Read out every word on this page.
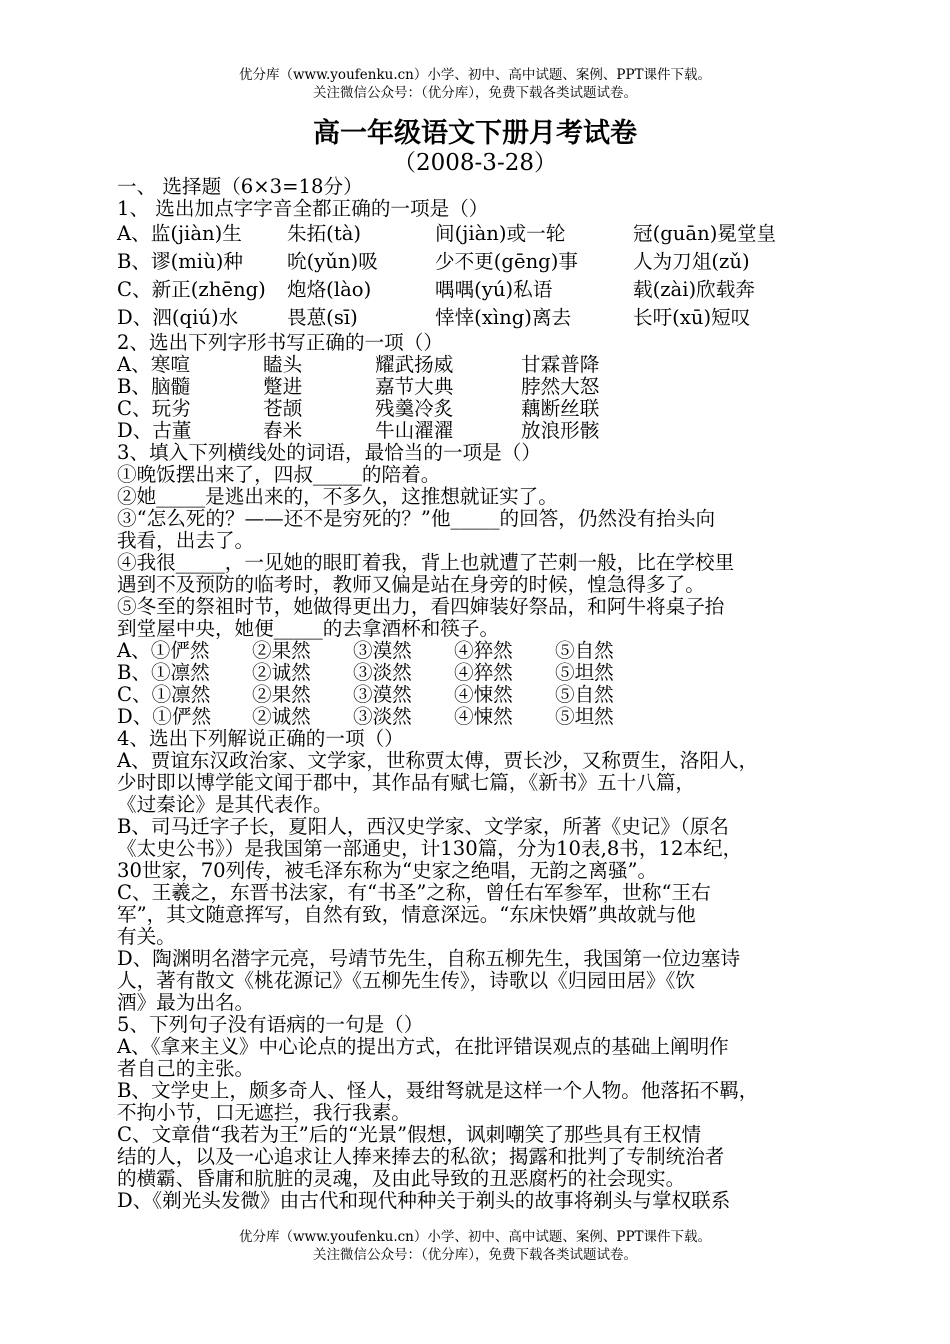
优分库（www.youfenku.cn）小学、初中、高中试题、案例、PPT课件下载。
关注微信公众号：（优分库），免费下载各类试题试卷。
高一年级语文下册月考试卷
（2008-3-28）
一、 选择题（6×3=18分）
1、 选出加点字字音全都正确的一项是（）
A、监(jiàn)生 朱拓(tà)	间(jiàn)或一轮	冠(guān)冕堂皇
B、谬(miù)种 吮(yǔn)吸	少不更(gēng)事	人为刀俎(zǔ)
C、新正(zhēng) 炮烙(lào)	喁喁(yú)私语	载(zài)欣载奔
D、泗(qiú)水 畏葸(sī)	悻悻(xìng)离去	长吁(xū)短叹
2、选出下列字形书写正确的一项（）
A、寒喧	瞌头	耀武扬威	甘霖普降
B、脑髓	蹩进	嘉节大典	脖然大怒
C、玩劣	苍颉	残羹冷炙	藕断丝联
D、古董	舂米	牛山濯濯	放浪形骸
3、填入下列横线处的词语，最恰当的一项是（）
①晚饭摆出来了，四叔_____的陪着。
②她_____是逃出来的，不多久，这推想就证实了。
③“怎么死的？——还不是穷死的？”他_____的回答，仍然没有抬头向
我看，出去了。
④我很_____，一见她的眼盯着我，背上也就遭了芒刺一般，比在学校里
遇到不及预防的临考时，教师又偏是站在身旁的时候，惶急得多了。
⑤冬至的祭祖时节，她做得更出力，看四婶装好祭品，和阿牛将桌子抬
到堂屋中央，她便_____的去拿酒杯和筷子。
A、①俨然 ②果然 ③漠然 ④猝然 ⑤自然
B、①凛然 ②诚然 ③淡然 ④猝然 ⑤坦然
C、①凛然 ②果然 ③漠然 ④悚然 ⑤自然
D、①俨然 ②诚然 ③淡然 ④悚然 ⑤坦然
4、选出下列解说正确的一项（）
A、贾谊东汉政治家、文学家，世称贾太傅，贾长沙，又称贾生，洛阳人，
少时即以博学能文闻于郡中，其作品有赋七篇，《新书》五十八篇，
《过秦论》是其代表作。
B、司马迁字子长，夏阳人，西汉史学家、文学家，所著《史记》（原名
《太史公书》）是我国第一部通史，计130篇，分为10表,8书，12本纪，
30世家，70列传，被毛泽东称为“史家之绝唱，无韵之离骚”。
C、王羲之，东晋书法家，有“书圣”之称，曾任右军参军，世称“王右
军”，其文随意挥写，自然有致，情意深远。“东床快婿”典故就与他
有关。
D、陶渊明名潜字元亮，号靖节先生，自称五柳先生，我国第一位边塞诗
人，著有散文《桃花源记》《五柳先生传》，诗歌以《归园田居》《饮
酒》最为出名。
5、下列句子没有语病的一句是（）
A、《拿来主义》中心论点的提出方式，在批评错误观点的基础上阐明作
者自己的主张。
B、文学史上，颇多奇人、怪人，聂绀弩就是这样一个人物。他落拓不羁，
不拘小节，口无遮拦，我行我素。
C、文章借“我若为王”后的“光景”假想，讽刺嘲笑了那些具有王权情
结的人，以及一心追求让人捧来捧去的私欲；揭露和批判了专制统治者
的横霸、昏庸和肮脏的灵魂，及由此导致的丑恶腐朽的社会现实。
D、《剃光头发微》由古代和现代种种关于剃头的故事将剃头与掌权联系
优分库（www.youfenku.cn）小学、初中、高中试题、案例、PPT课件下载。
关注微信公众号：（优分库），免费下载各类试题试卷。
